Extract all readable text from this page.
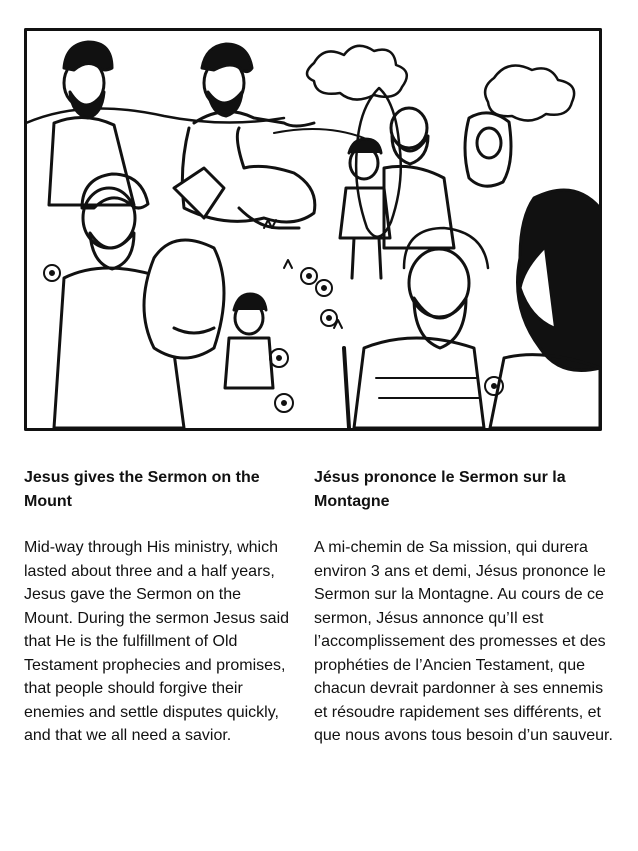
Jesus gives the Sermon on the Mount

Mid-way through His ministry, which lasted about three and a half years, Jesus gave the Sermon on the Mount. During the sermon Jesus said that He is the fulfillment of Old Testament prophecies and promises, that people should forgive their enemies and settle disputes quickly, and that we all need a savior.

Jésus prononce le Sermon sur la Montagne

A mi-chemin de Sa mission, qui durera environ 3 ans et demi, Jésus prononce le Sermon sur la Montagne. Au cours de ce sermon, Jésus annonce qu’Il est l’accomplissement des promesses et des prophéties de l’Ancien Testament, que chacun devrait pardonner à ses ennemis et résoudre rapidement ses différents, et que nous avons tous besoin d’un sauveur.
